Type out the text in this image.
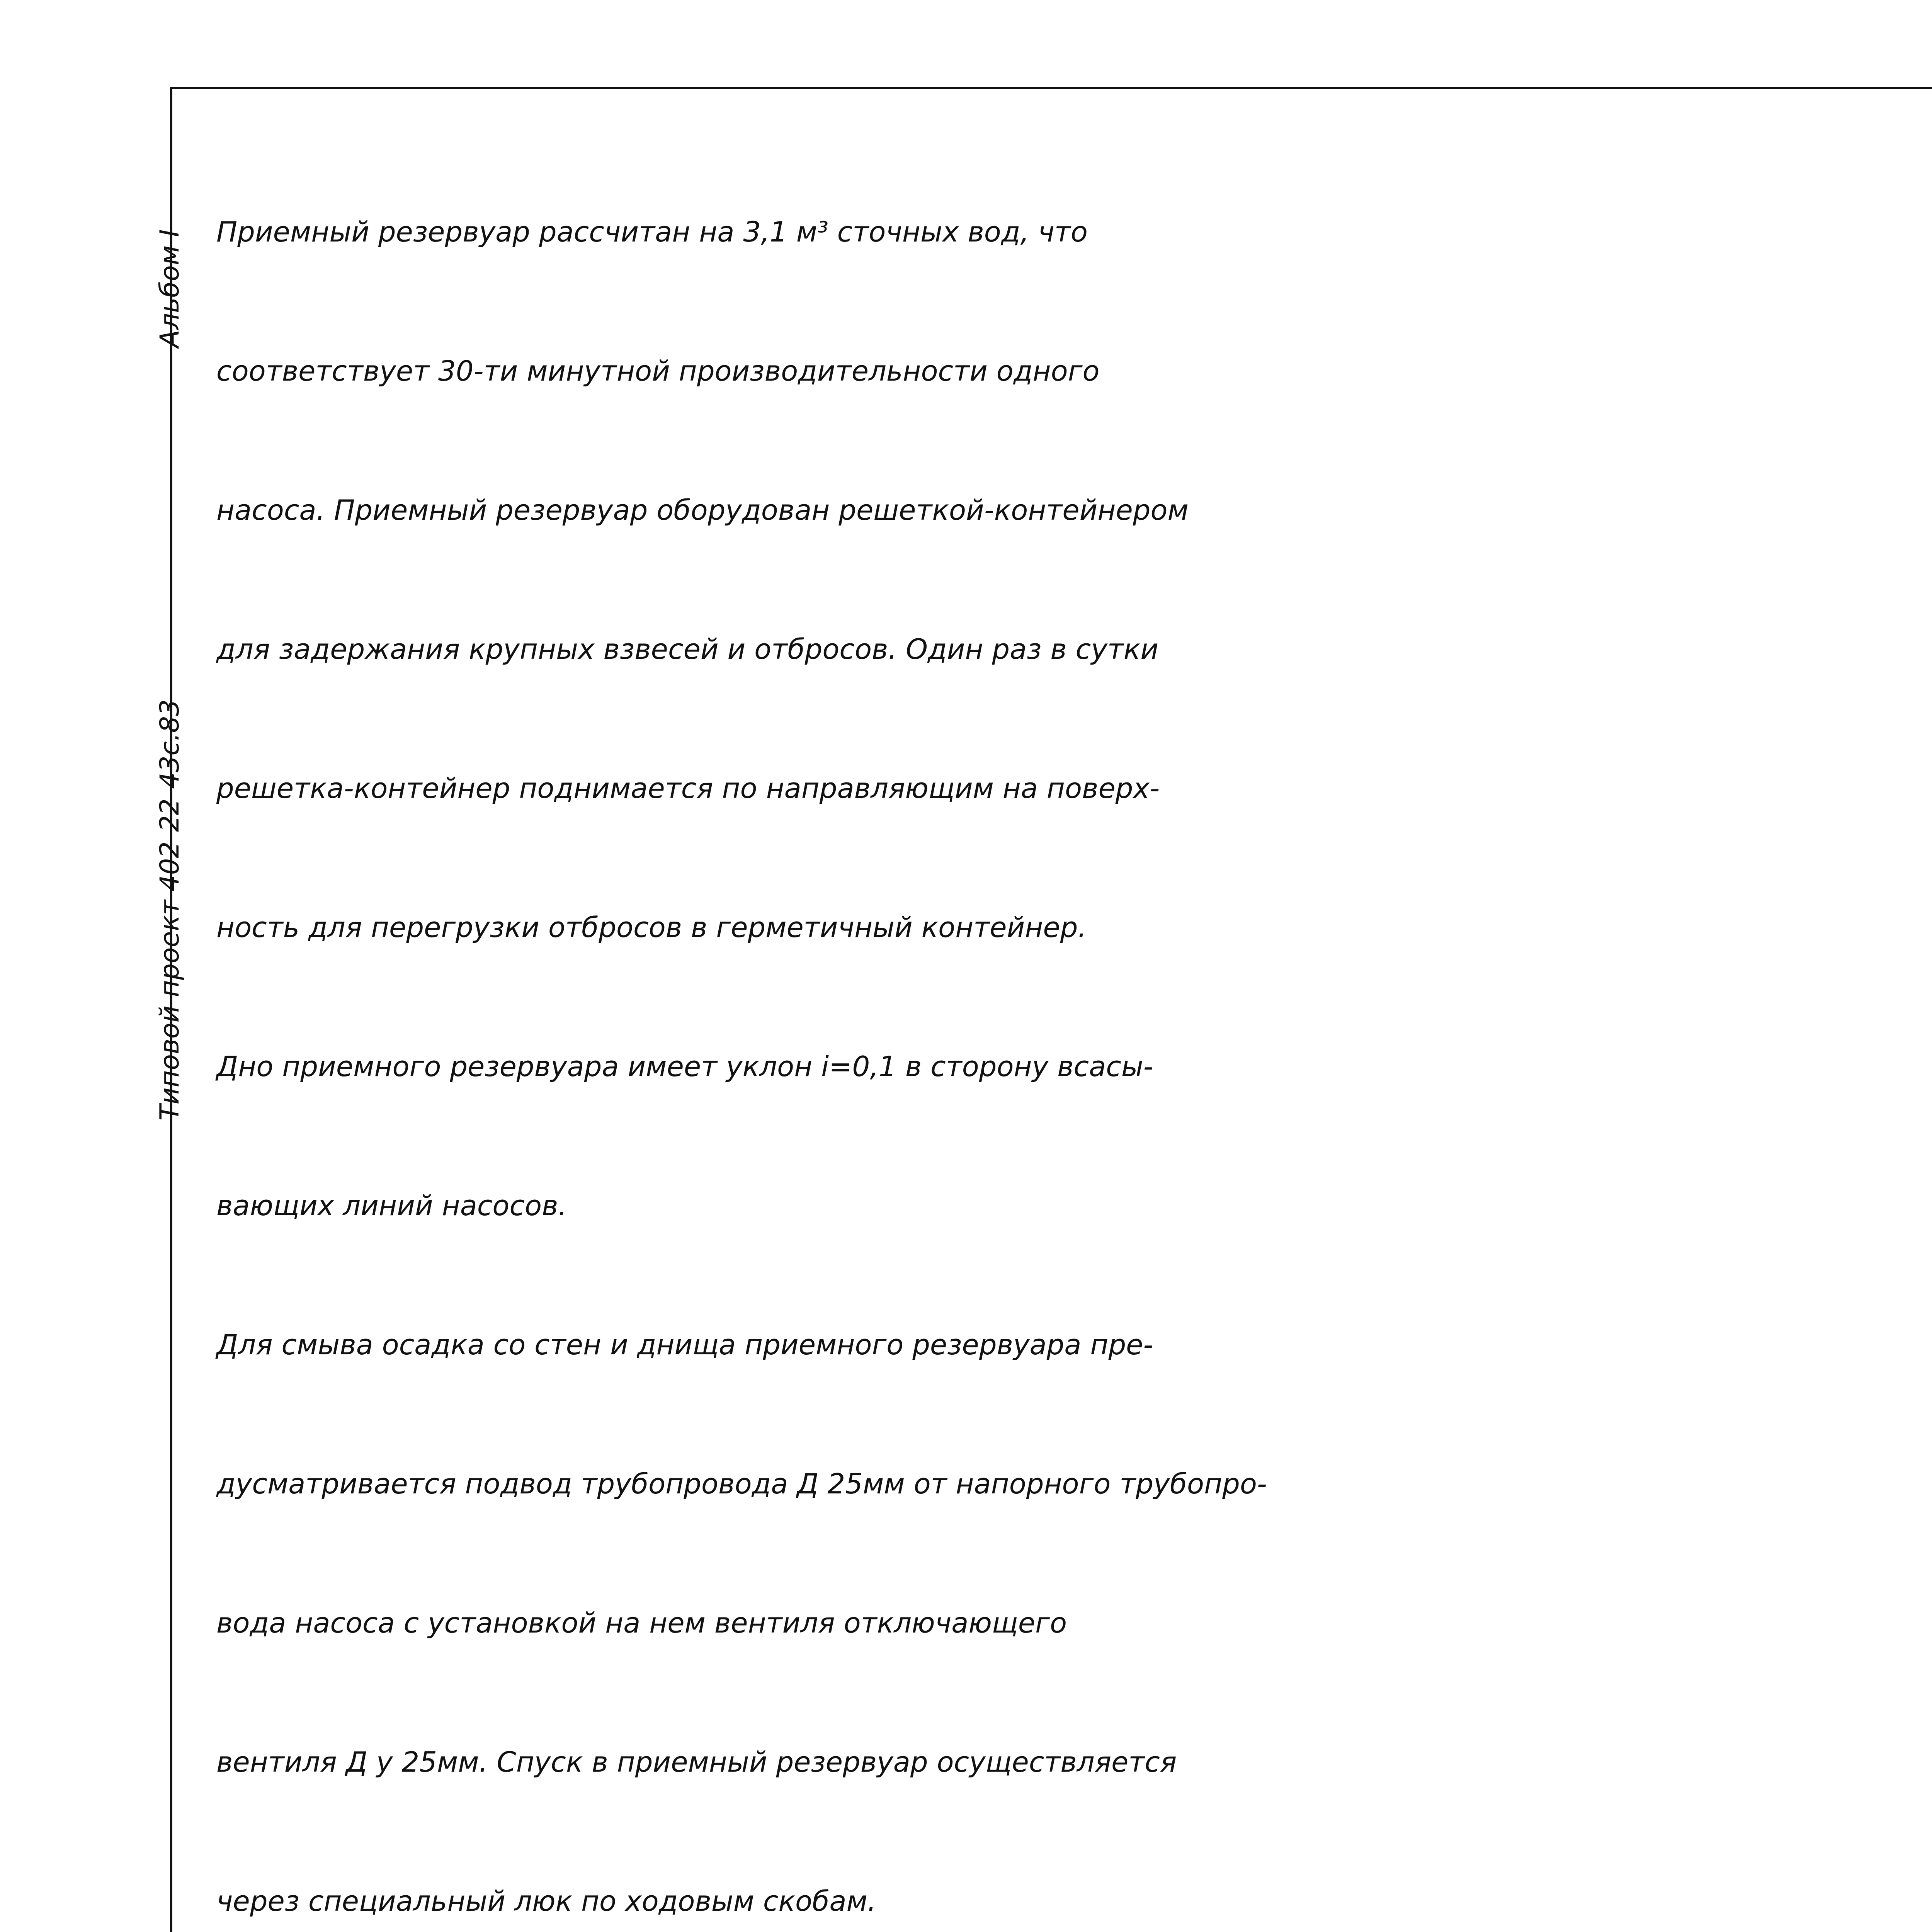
Альбом I
Типовой проект 402-22-43с.83

Приемный резервуар рассчитан на 3,1 м³ сточных вод, что

соответствует 30-ти минутной производительности одного

насоса. Приемный резервуар оборудован решеткой-контейнером

для задержания крупных взвесей и отбросов. Один раз в сутки

решетка-контейнер поднимается по направляющим на поверх-

ность для перегрузки отбросов в герметичный контейнер.

Дно приемного резервуара имеет уклон i=0,1 в сторону всасы-

вающих линий насосов.

Для смыва осадка со стен и днища приемного резервуара пре-

дусматривается подвод трубопровода Д 25мм от напорного трубопро-

вода насоса с установкой на нем вентиля отключающего

вентиля Д у 25мм. Спуск в приемный резервуар осуществляется

через специальный люк по ходовым скобам.
